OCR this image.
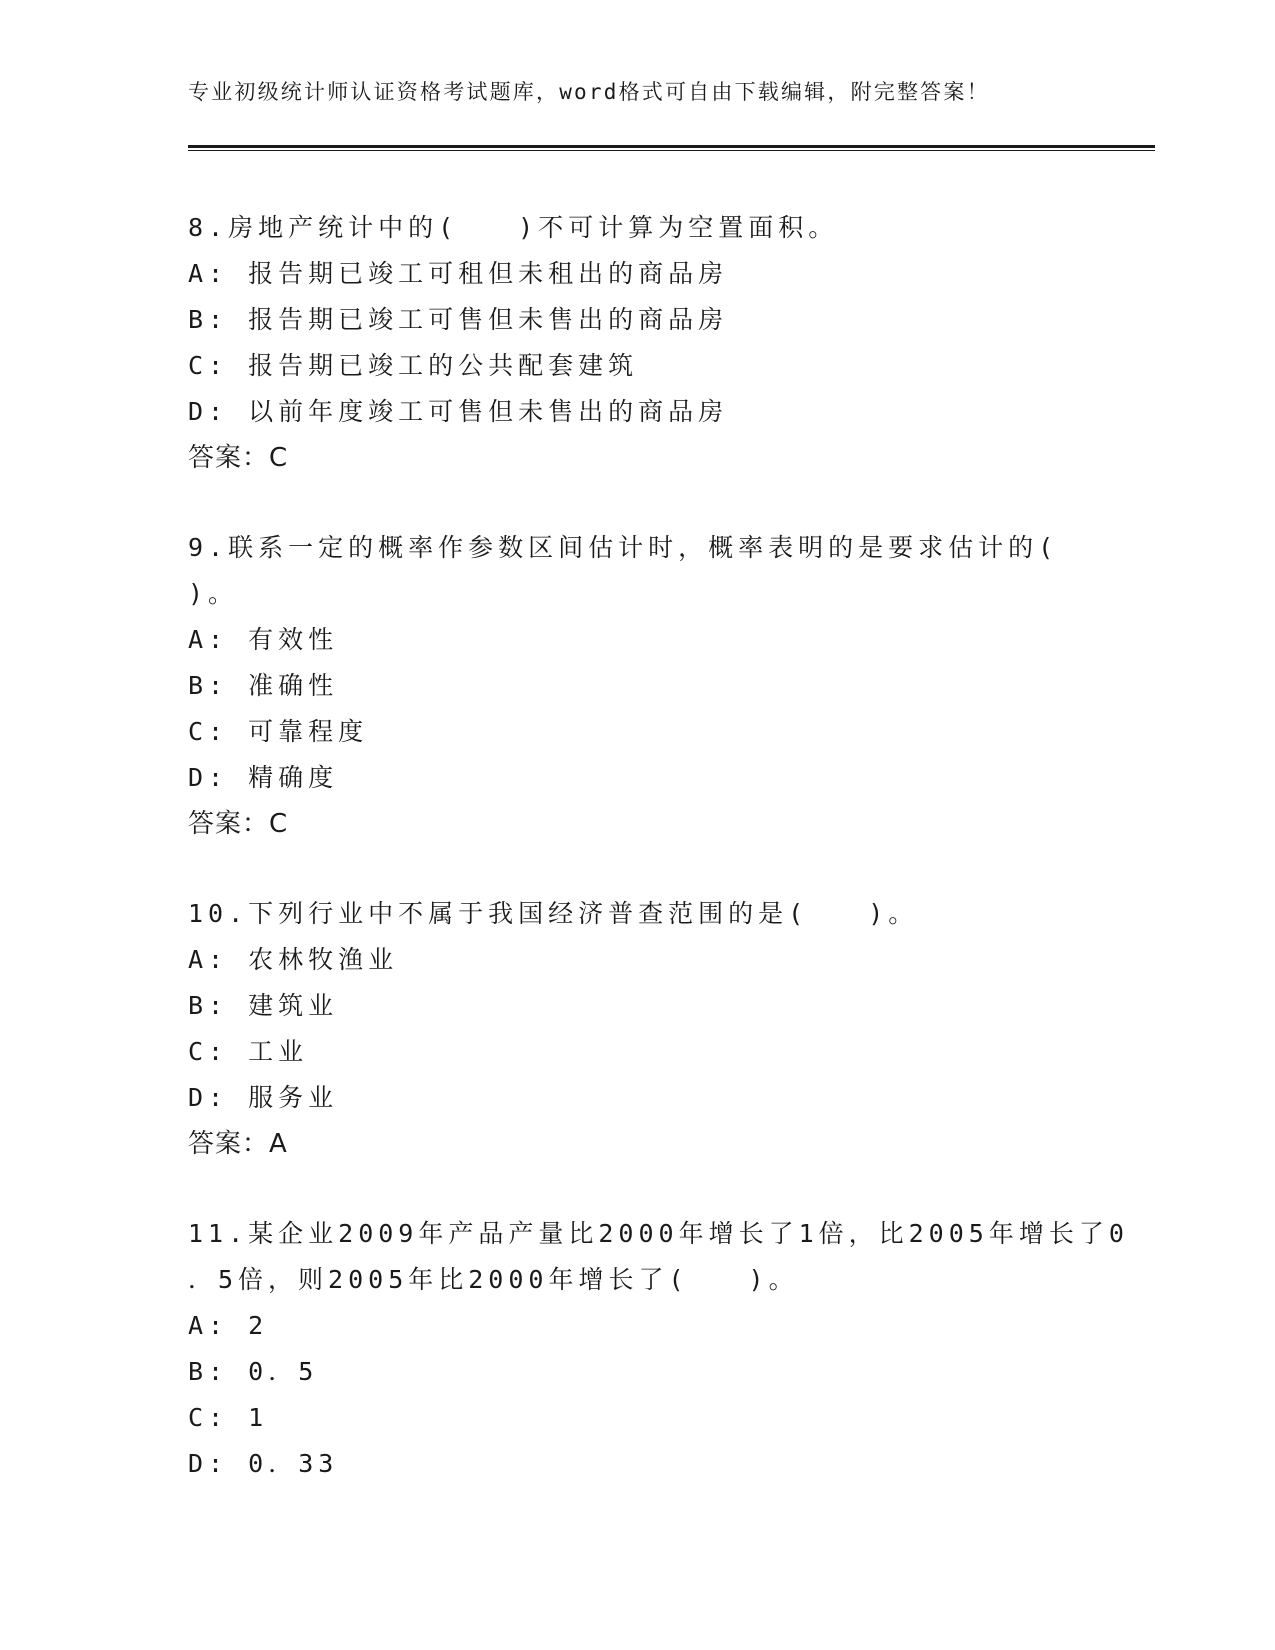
专业初级统计师认证资格考试题库，word格式可自由下载编辑，附完整答案！
8.房地产统计中的(　　)不可计算为空置面积。
A: 报告期已竣工可租但未租出的商品房
B: 报告期已竣工可售但未售出的商品房
C: 报告期已竣工的公共配套建筑
D: 以前年度竣工可售但未售出的商品房
答案：C
9.联系一定的概率作参数区间估计时，概率表明的是要求估计的(
)。
A: 有效性
B: 准确性
C: 可靠程度
D: 精确度
答案：C
10.下列行业中不属于我国经济普查范围的是(　　)。
A: 农林牧渔业
B: 建筑业
C: 工业
D: 服务业
答案：A
11.某企业2009年产品产量比2000年增长了1倍，比2005年增长了0
．5倍，则2005年比2000年增长了(　　)。
A: 2
B: 0．5
C: 1
D: 0．33
